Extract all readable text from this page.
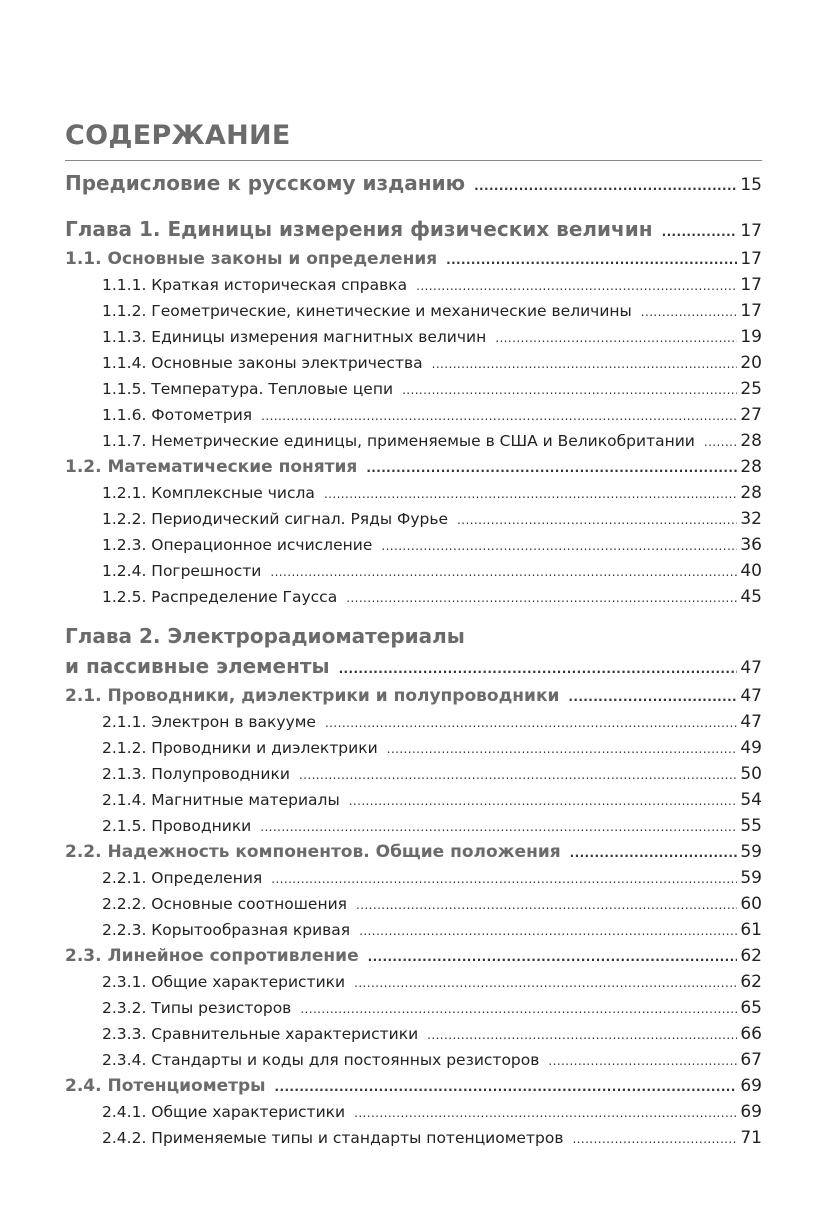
СОДЕРЖАНИЕ
Предисловие к русскому изданию .....	15
Глава 1. Единицы измерения физических величин .....	17
1.1. Основные законы и определения .....	17
1.1.1. Краткая историческая справка .....	17
1.1.2. Геометрические, кинетические и механические величины .....	17
1.1.3. Единицы измерения магнитных величин .....	19
1.1.4. Основные законы электричества .....	20
1.1.5. Температура. Тепловые цепи .....	25
1.1.6. Фотометрия .....	27
1.1.7. Неметрические единицы, применяемые в США и Великобритании .....	28
1.2. Математические понятия .....	28
1.2.1. Комплексные числа .....	28
1.2.2. Периодический сигнал. Ряды Фурье .....	32
1.2.3. Операционное исчисление .....	36
1.2.4. Погрешности .....	40
1.2.5. Распределение Гаусса .....	45
Глава 2. Электрорадиоматериалы
и пассивные элементы .....	47
2.1. Проводники, диэлектрики и полупроводники .....	47
2.1.1. Электрон в вакууме .....	47
2.1.2. Проводники и диэлектрики .....	49
2.1.3. Полупроводники .....	50
2.1.4. Магнитные материалы .....	54
2.1.5. Проводники .....	55
2.2. Надежность компонентов. Общие положения .....	59
2.2.1. Определения .....	59
2.2.2. Основные соотношения .....	60
2.2.3. Корытообразная кривая .....	61
2.3. Линейное сопротивление .....	62
2.3.1. Общие характеристики .....	62
2.3.2. Типы резисторов .....	65
2.3.3. Сравнительные характеристики .....	66
2.3.4. Стандарты и коды для постоянных резисторов .....	67
2.4. Потенциометры .....	69
2.4.1. Общие характеристики .....	69
2.4.2. Применяемые типы и стандарты потенциометров .....	71
